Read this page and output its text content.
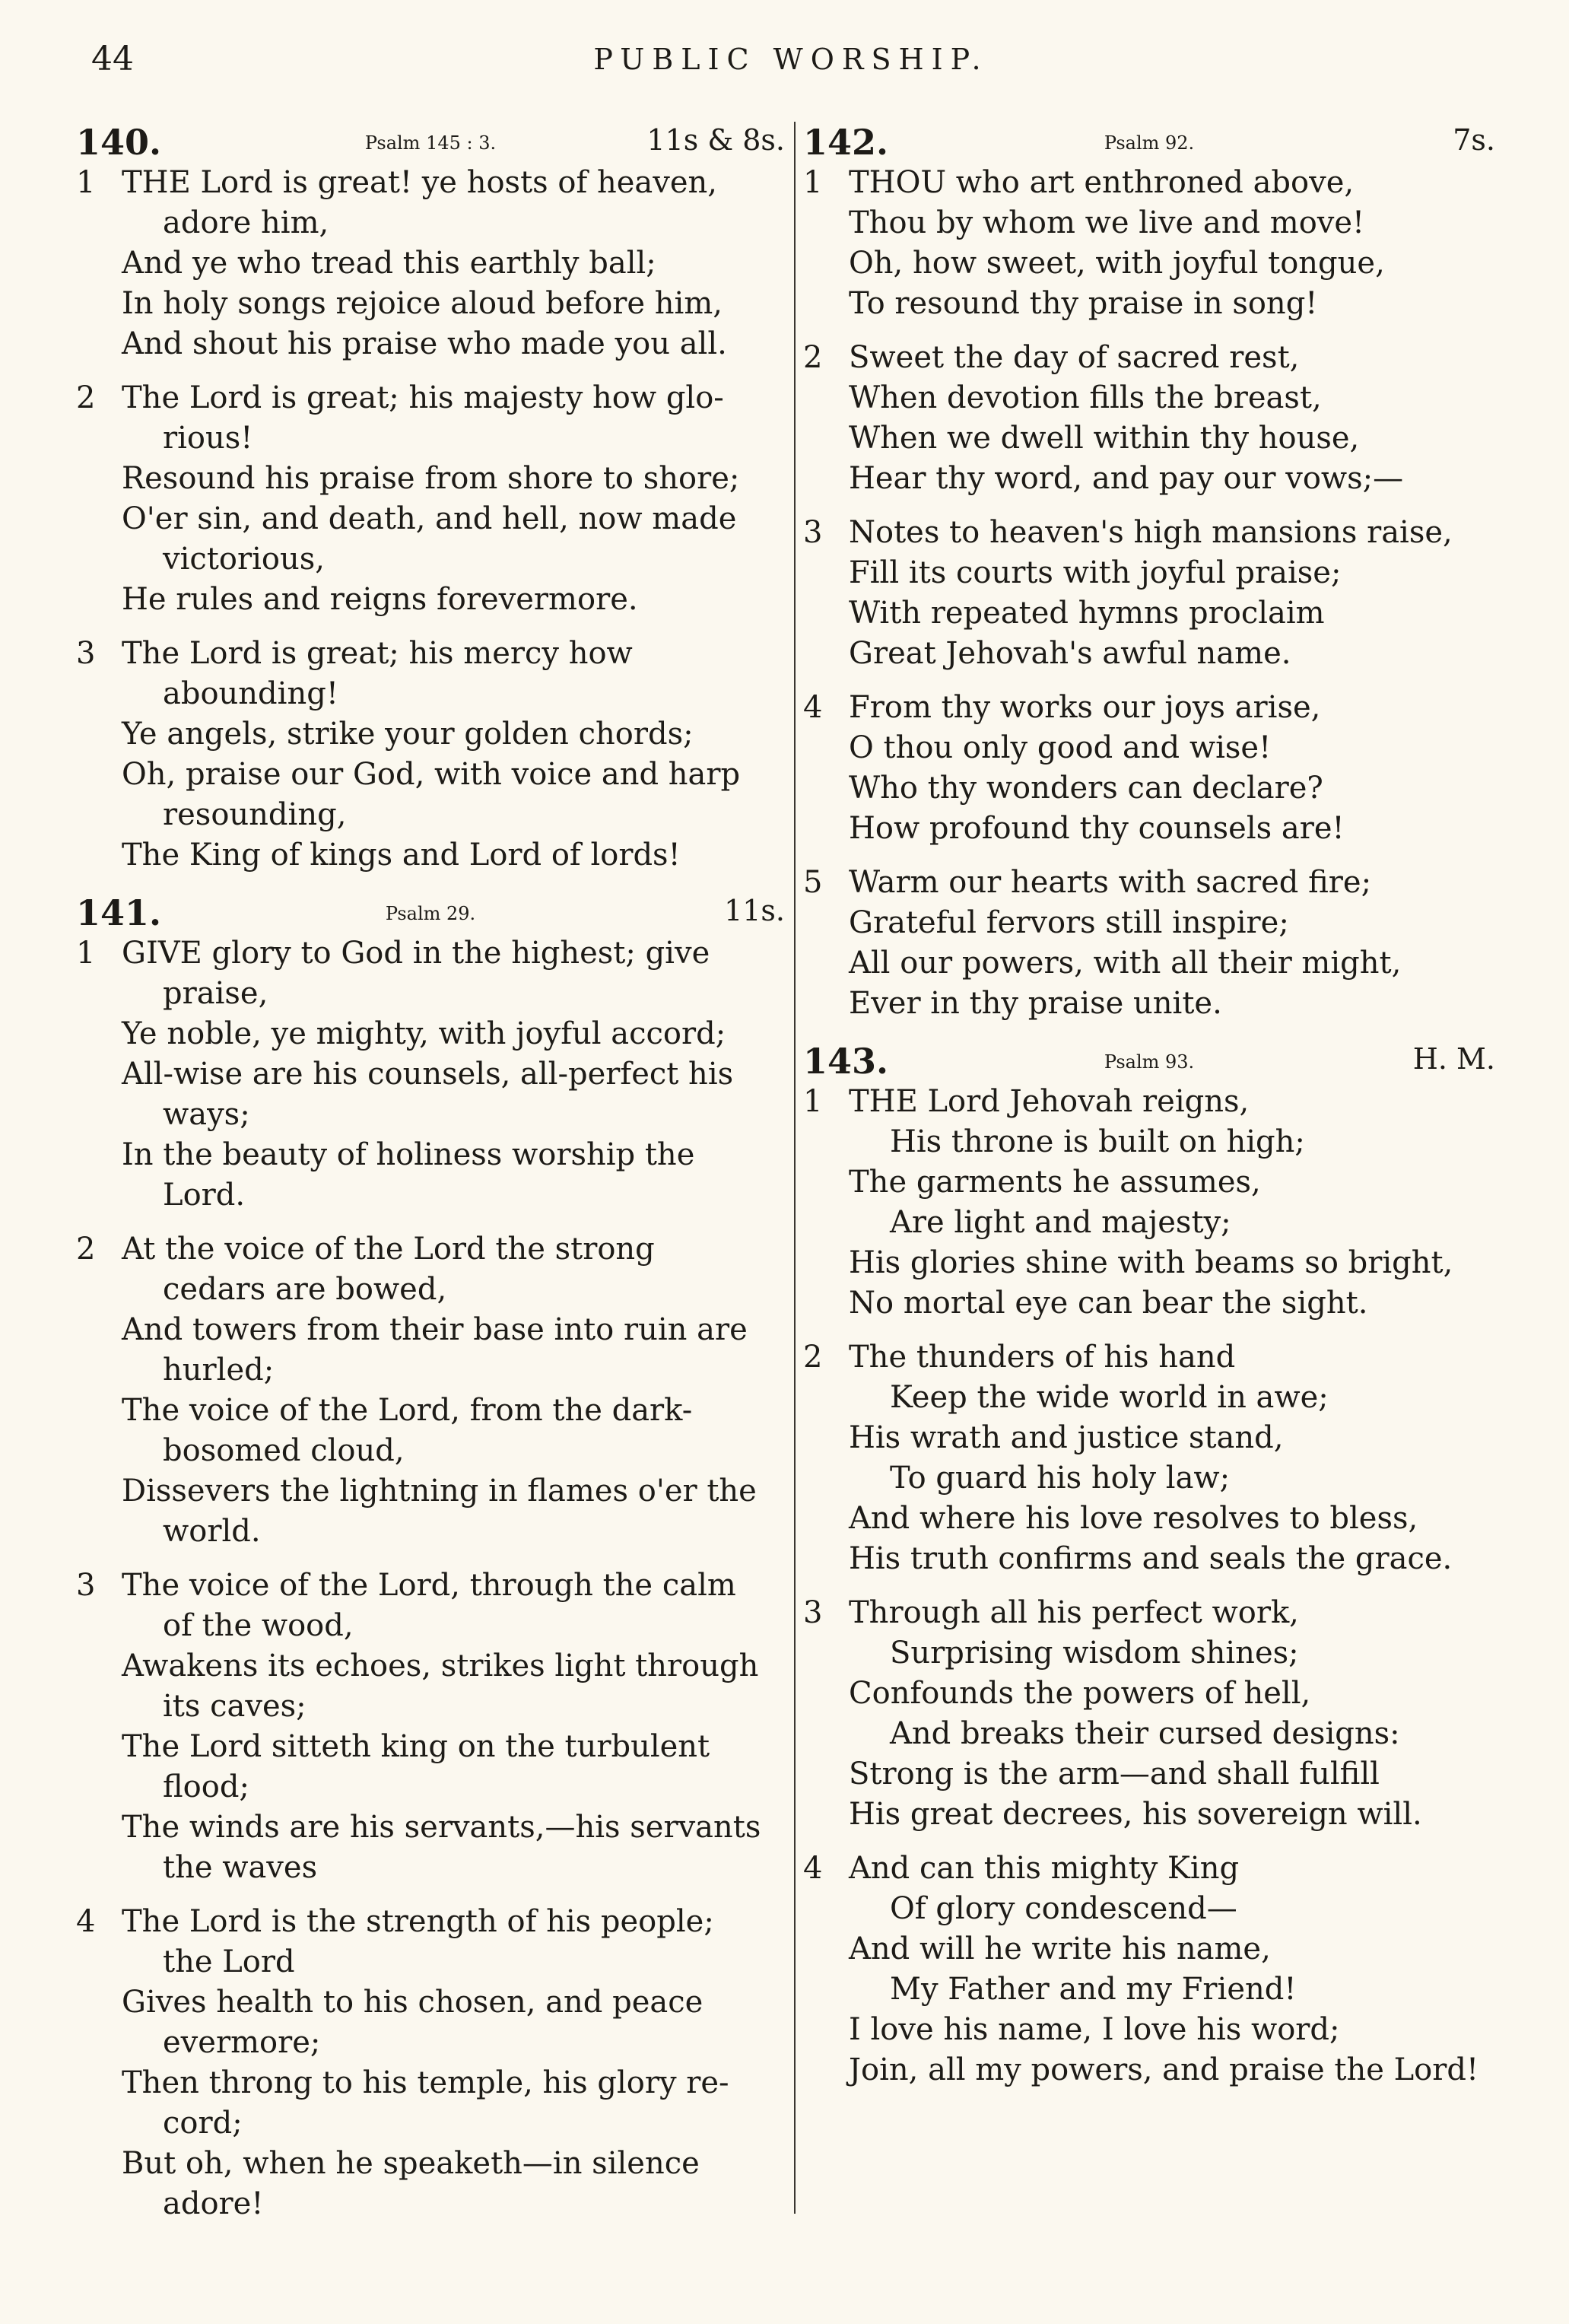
44	PUBLIC WORSHIP.
140.	Psalm 145 : 3.	11s & 8s.
1 THE Lord is great! ye hosts of heaven,
adore him,
And ye who tread this earthly ball;
In holy songs rejoice aloud before him,
And shout his praise who made you all.
2 The Lord is great; his majesty how glo-
rious!
Resound his praise from shore to shore;
O'er sin, and death, and hell, now made
victorious,
He rules and reigns forevermore.
3 The Lord is great; his mercy how
abounding!
Ye angels, strike your golden chords;
Oh, praise our God, with voice and harp
resounding,
The King of kings and Lord of lords!
141.	Psalm 29.	11s.
1 GIVE glory to God in the highest; give
praise,
Ye noble, ye mighty, with joyful accord;
All-wise are his counsels, all-perfect his
ways;
In the beauty of holiness worship the
Lord.
2 At the voice of the Lord the strong
cedars are bowed,
And towers from their base into ruin are
hurled;
The voice of the Lord, from the dark-
bosomed cloud,
Dissevers the lightning in flames o'er the
world.
3 The voice of the Lord, through the calm
of the wood,
Awakens its echoes, strikes light through
its caves;
The Lord sitteth king on the turbulent
flood;
The winds are his servants,—his servants
the waves
4 The Lord is the strength of his people;
the Lord
Gives health to his chosen, and peace
evermore;
Then throng to his temple, his glory re-
cord;
But oh, when he speaketh—in silence
adore!
142.	Psalm 92.	7s.
1 THOU who art enthroned above,
Thou by whom we live and move!
Oh, how sweet, with joyful tongue,
To resound thy praise in song!
2 Sweet the day of sacred rest,
When devotion fills the breast,
When we dwell within thy house,
Hear thy word, and pay our vows;—
3 Notes to heaven's high mansions raise,
Fill its courts with joyful praise;
With repeated hymns proclaim
Great Jehovah's awful name.
4 From thy works our joys arise,
O thou only good and wise!
Who thy wonders can declare?
How profound thy counsels are!
5 Warm our hearts with sacred fire;
Grateful fervors still inspire;
All our powers, with all their might,
Ever in thy praise unite.
143.	Psalm 93.	H. M.
1 THE Lord Jehovah reigns,
His throne is built on high;
The garments he assumes,
Are light and majesty;
His glories shine with beams so bright,
No mortal eye can bear the sight.
2 The thunders of his hand
Keep the wide world in awe;
His wrath and justice stand,
To guard his holy law;
And where his love resolves to bless,
His truth confirms and seals the grace.
3 Through all his perfect work,
Surprising wisdom shines;
Confounds the powers of hell,
And breaks their cursed designs:
Strong is the arm—and shall fulfill
His great decrees, his sovereign will.
4 And can this mighty King
Of glory condescend—
And will he write his name,
My Father and my Friend!
I love his name, I love his word;
Join, all my powers, and praise the Lord!
